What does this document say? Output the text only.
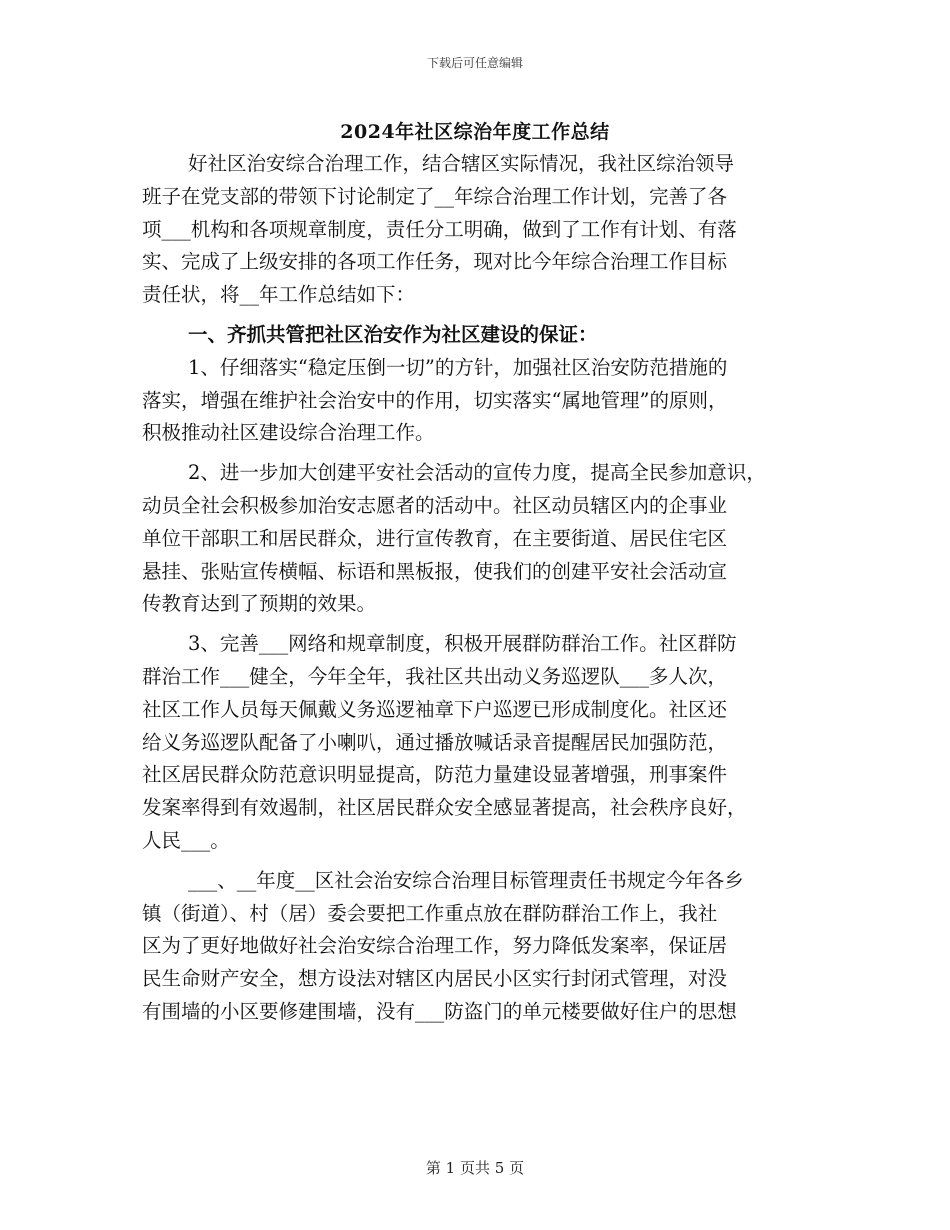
下载后可任意编辑
2024年社区综治年度工作总结
好社区治安综合治理工作，结合辖区实际情况，我社区综治领导
班子在党支部的带领下讨论制定了__年综合治理工作计划，完善了各
项___机构和各项规章制度，责任分工明确，做到了工作有计划、有落
实、完成了上级安排的各项工作任务，现对比今年综合治理工作目标
责任状，将__年工作总结如下：
一、齐抓共管把社区治安作为社区建设的保证：
1、仔细落实“稳定压倒一切”的方针，加强社区治安防范措施的
落实，增强在维护社会治安中的作用，切实落实“属地管理”的原则，
积极推动社区建设综合治理工作。
2、进一步加大创建平安社会活动的宣传力度，提高全民参加意识，
动员全社会积极参加治安志愿者的活动中。社区动员辖区内的企事业
单位干部职工和居民群众，进行宣传教育，在主要街道、居民住宅区
悬挂、张贴宣传横幅、标语和黑板报，使我们的创建平安社会活动宣
传教育达到了预期的效果。
3、完善___网络和规章制度，积极开展群防群治工作。社区群防
群治工作___健全，今年全年，我社区共出动义务巡逻队___多人次，
社区工作人员每天佩戴义务巡逻袖章下户巡逻已形成制度化。社区还
给义务巡逻队配备了小喇叭，通过播放喊话录音提醒居民加强防范，
社区居民群众防范意识明显提高，防范力量建设显著增强，刑事案件
发案率得到有效遏制，社区居民群众安全感显著提高，社会秩序良好，
人民___。
___、__年度__区社会治安综合治理目标管理责任书规定今年各乡
镇（街道）、村（居）委会要把工作重点放在群防群治工作上，我社
区为了更好地做好社会治安综合治理工作，努力降低发案率，保证居
民生命财产安全，想方设法对辖区内居民小区实行封闭式管理，对没
有围墙的小区要修建围墙，没有___防盗门的单元楼要做好住户的思想
第 1 页共 5 页
